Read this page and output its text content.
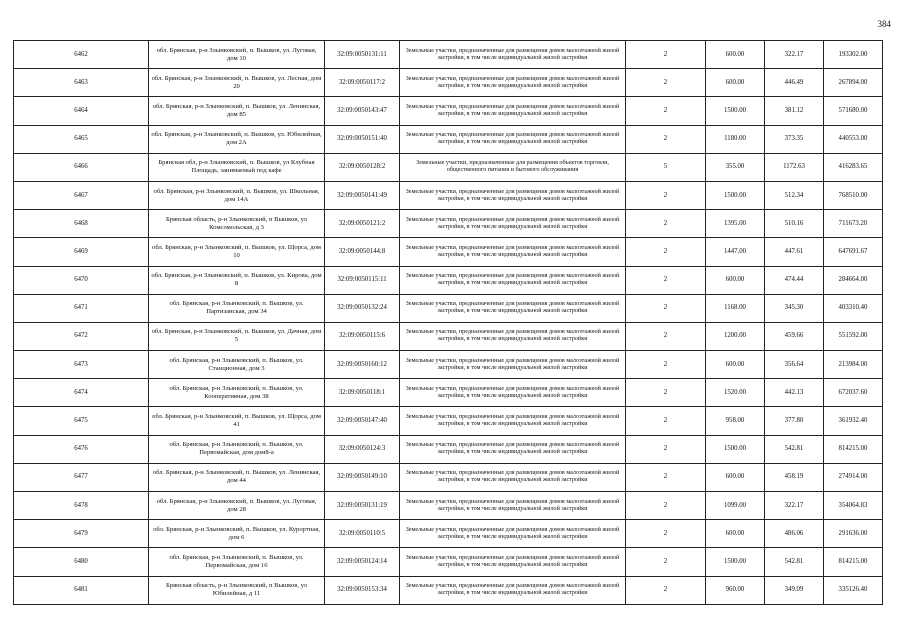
384
6462	обл. Брянская, р-н Злынковский, п. Вышков, ул. Луговая, дом 10	32:09:0050131:11	Земельные участки, предназначенные для размещения домов малоэтажной жилой застройки, в том числе индивидуальной жилой застройки	2	600.00	322.17	193302.00
6463	обл. Брянская, р-н Злынковский, п. Вышков, ул. Лесная, дом 20	32:09:0050117:2	Земельные участки, предназначенные для размещения домов малоэтажной жилой застройки, в том числе индивидуальной жилой застройки	2	600.00	446.49	267894.00
6464	обл. Брянская, р-н Злынковский, п. Вышков, ул. Ленинская, дом 85	32:09:0050143:47	Земельные участки, предназначенные для размещения домов малоэтажной жилой застройки, в том числе индивидуальной жилой застройки	2	1500.00	381.12	571680.00
6465	обл. Брянская, р-н Злынковский, п. Вышков, ул. Юбилейная, дом 2А	32:09:0050151:40	Земельные участки, предназначенные для размещения домов малоэтажной жилой застройки, в том числе индивидуальной жилой застройки	2	1180.00	373.35	440553.00
6466	Брянская обл, р-н Злынковский, п. Вышков, ул Клубная Площадь, занимаемый под кафе	32:09:0050128:2	Земельные участки, предназначенные для размещения объектов торговли, общественного питания и бытового обслуживания	5	355.00	1172.63	416283.65
6467	обл. Брянская, р-н Злынковский, п. Вышков, ул. Школьная, дом 14А	32:09:0050141:49	Земельные участки, предназначенные для размещения домов малоэтажной жилой застройки, в том числе индивидуальной жилой застройки	2	1500.00	512.34	768510.00
6468	Брянская область, р-н Злынковский, п Вышков, ул Комсомольская, д 3	32:09:0050121:2	Земельные участки, предназначенные для размещения домов малоэтажной жилой застройки, в том числе индивидуальной жилой застройки	2	1395.00	510.16	711673.20
6469	обл. Брянская, р-н Злынковский, п. Вышков, ул. Щорса, дом 10	32:09:0050144:8	Земельные участки, предназначенные для размещения домов малоэтажной жилой застройки, в том числе индивидуальной жилой застройки	2	1447.00	447.61	647691.67
6470	обл. Брянская, р-н Злынковский, п. Вышков, ул. Кирова, дом 8	32:09:0050115:11	Земельные участки, предназначенные для размещения домов малоэтажной жилой застройки, в том числе индивидуальной жилой застройки	2	600.00	474.44	284664.00
6471	обл. Брянская, р-н Злынковский, п. Вышков, ул. Партизанская, дом 34	32:09:0050132:24	Земельные участки, предназначенные для размещения домов малоэтажной жилой застройки, в том числе индивидуальной жилой застройки	2	1168.00	345.30	403310.40
6472	обл. Брянская, р-н Злынковский, п. Вышков, ул. Дачная, дом 5	32:09:0050115:6	Земельные участки, предназначенные для размещения домов малоэтажной жилой застройки, в том числе индивидуальной жилой застройки	2	1200.00	459.66	551592.00
6473	обл. Брянская, р-н Злынковский, п. Вышков, ул. Станционная, дом 3	32:09:0050160:12	Земельные участки, предназначенные для размещения домов малоэтажной жилой застройки, в том числе индивидуальной жилой застройки	2	600.00	356.64	213984.00
6474	обл. Брянская, р-н Злынковский, п. Вышков, ул. Кооперативная, дом 38	32:09:0050118:1	Земельные участки, предназначенные для размещения домов малоэтажной жилой застройки, в том числе индивидуальной жилой застройки	2	1520.00	442.13	672037.60
6475	обл. Брянская, р-н Злынковский, п. Вышков, ул. Щорса, дом 41	32:09:0050147:40	Земельные участки, предназначенные для размещения домов малоэтажной жилой застройки, в том числе индивидуальной жилой застройки	2	958.00	377.80	361932.40
6476	обл. Брянская, р-н Злынковский, п. Вышков, ул. Первомайская, дом дом8-а	32:09:0050124:3	Земельные участки, предназначенные для размещения домов малоэтажной жилой застройки, в том числе индивидуальной жилой застройки	2	1500.00	542.81	814215.00
6477	обл. Брянская, р-н Злынковский, п. Вышков, ул. Ленинская, дом 44	32:09:0050149:10	Земельные участки, предназначенные для размещения домов малоэтажной жилой застройки, в том числе индивидуальной жилой застройки	2	600.00	458.19	274914.00
6478	обл. Брянская, р-н Злынковский, п. Вышков, ул. Луговая, дом 28	32:09:0050131:19	Земельные участки, предназначенные для размещения домов малоэтажной жилой застройки, в том числе индивидуальной жилой застройки	2	1099.00	322.17	354064.83
6479	обл. Брянская, р-н Злынковский, п. Вышков, ул. Курортная, дом 6	32:09:0050110:5	Земельные участки, предназначенные для размещения домов малоэтажной жилой застройки, в том числе индивидуальной жилой застройки	2	600.00	486.06	291636.00
6480	обл. Брянская, р-н Злынковский, п. Вышков, ул. Первомайская, дом 16	32:09:0050124:14	Земельные участки, предназначенные для размещения домов малоэтажной жилой застройки, в том числе индивидуальной жилой застройки	2	1500.00	542.81	814215.00
6481	Брянская область, р-н Злынковский, п Вышков, ул Юбилейная, д 11	32:09:0050153:34	Земельные участки, предназначенные для размещения домов малоэтажной жилой застройки, в том числе индивидуальной жилой застройки	2	960.00	349.09	335126.40
